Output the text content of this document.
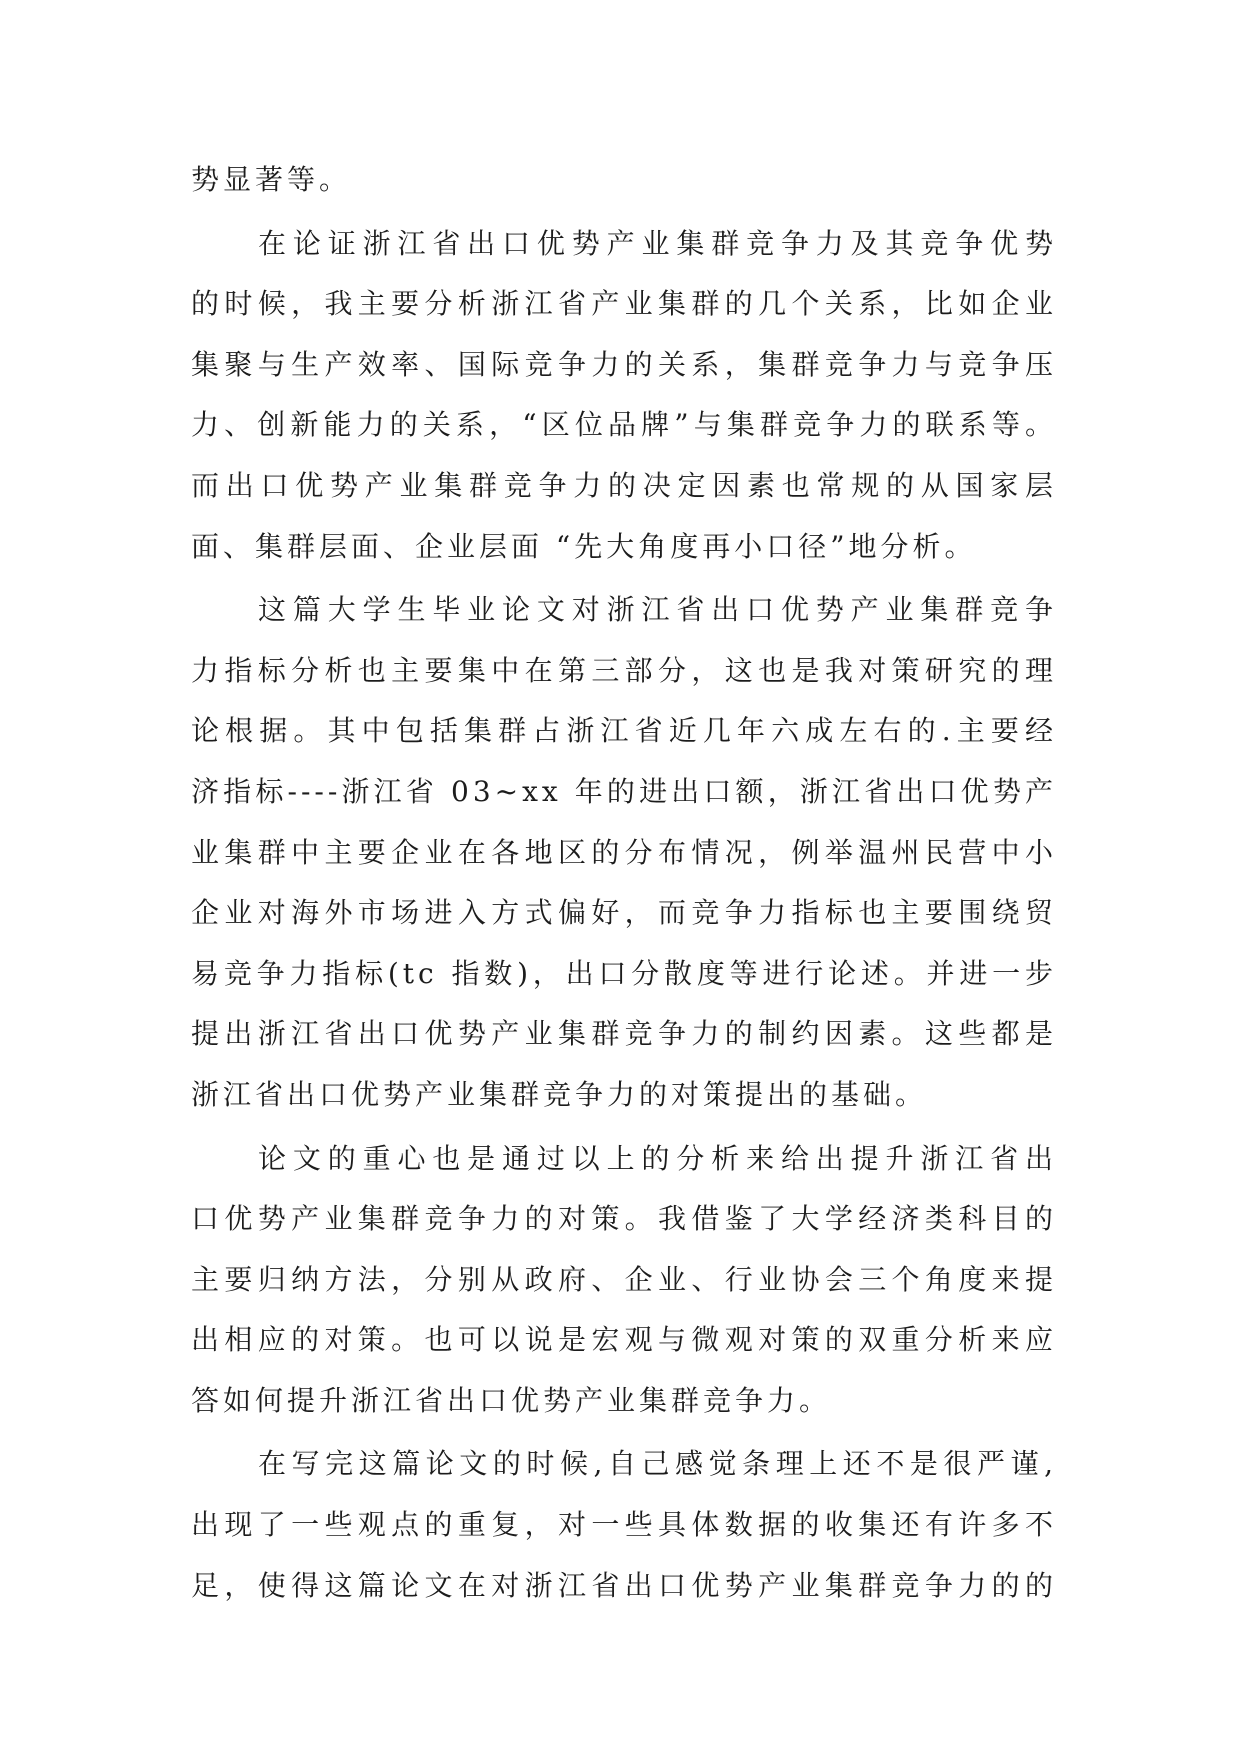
势显著等。
在论证浙江省出口优势产业集群竞争力及其竞争优势
的时候，我主要分析浙江省产业集群的几个关系，比如企业
集聚与生产效率、国际竞争力的关系，集群竞争力与竞争压
力、创新能力的关系，“区位品牌”与集群竞争力的联系等。
而出口优势产业集群竞争力的决定因素也常规的从国家层
面、集群层面、企业层面 “先大角度再小口径”地分析。
这篇大学生毕业论文对浙江省出口优势产业集群竞争
力指标分析也主要集中在第三部分，这也是我对策研究的理
论根据。其中包括集群占浙江省近几年六成左右的.主要经
济指标----浙江省 03~xx 年的进出口额，浙江省出口优势产
业集群中主要企业在各地区的分布情况，例举温州民营中小
企业对海外市场进入方式偏好，而竞争力指标也主要围绕贸
易竞争力指标(tc 指数)，出口分散度等进行论述。并进一步
提出浙江省出口优势产业集群竞争力的制约因素。这些都是
浙江省出口优势产业集群竞争力的对策提出的基础。
论文的重心也是通过以上的分析来给出提升浙江省出
口优势产业集群竞争力的对策。我借鉴了大学经济类科目的
主要归纳方法，分别从政府、企业、行业协会三个角度来提
出相应的对策。也可以说是宏观与微观对策的双重分析来应
答如何提升浙江省出口优势产业集群竞争力。
在写完这篇论文的时候,自己感觉条理上还不是很严谨,
出现了一些观点的重复，对一些具体数据的收集还有许多不
足，使得这篇论文在对浙江省出口优势产业集群竞争力的的
